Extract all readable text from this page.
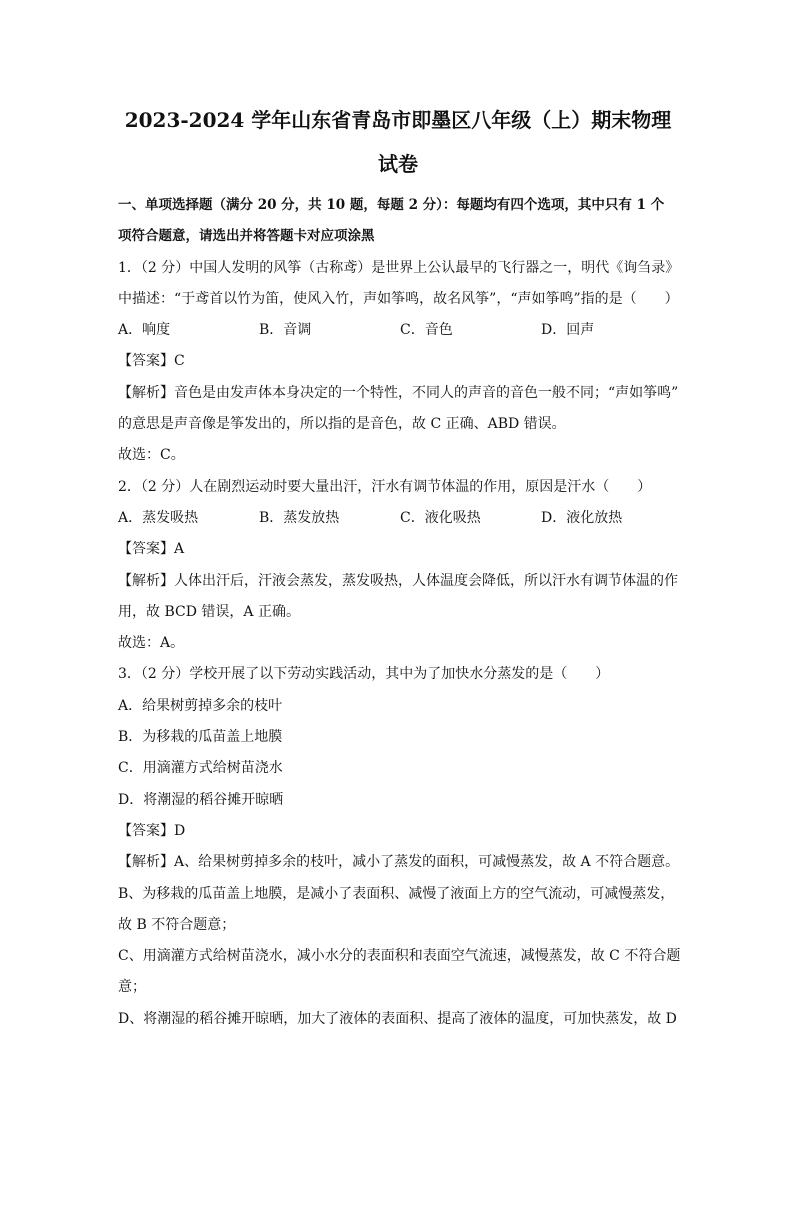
2023-2024 学年山东省青岛市即墨区八年级（上）期末物理
试卷
一、单项选择题（满分 20 分，共 10 题，每题 2 分）：每题均有四个选项，其中只有 1 个
项符合题意，请选出并将答题卡对应项涂黑
1．（2 分）中国人发明的风筝（古称鸢）是世界上公认最早的飞行器之一，明代《询刍录》
中描述：“于鸢首以竹为笛，使风入竹，声如筝鸣，故名风筝”，“声如筝鸣”指的是（　　）
A．响度	B．音调	C．音色	D．回声
【答案】C
【解析】音色是由发声体本身决定的一个特性，不同人的声音的音色一般不同；“声如筝鸣”
的意思是声音像是筝发出的，所以指的是音色，故 C 正确、ABD 错误。
故选：C。
2．（2 分）人在剧烈运动时要大量出汗，汗水有调节体温的作用，原因是汗水（　　）
A．蒸发吸热	B．蒸发放热	C．液化吸热	D．液化放热
【答案】A
【解析】人体出汗后，汗液会蒸发，蒸发吸热，人体温度会降低，所以汗水有调节体温的作
用，故 BCD 错误，A 正确。
故选：A。
3．（2 分）学校开展了以下劳动实践活动，其中为了加快水分蒸发的是（　　）
A．给果树剪掉多余的枝叶
B．为移栽的瓜苗盖上地膜
C．用滴灌方式给树苗浇水
D．将潮湿的稻谷摊开晾晒
【答案】D
【解析】A、给果树剪掉多余的枝叶，减小了蒸发的面积，可减慢蒸发，故 A 不符合题意。
B、为移栽的瓜苗盖上地膜，是减小了表面积、减慢了液面上方的空气流动，可减慢蒸发，
故 B 不符合题意；
C、用滴灌方式给树苗浇水，减小水分的表面积和表面空气流速，减慢蒸发，故 C 不符合题
意；
D、将潮湿的稻谷摊开晾晒，加大了液体的表面积、提高了液体的温度，可加快蒸发，故 D
